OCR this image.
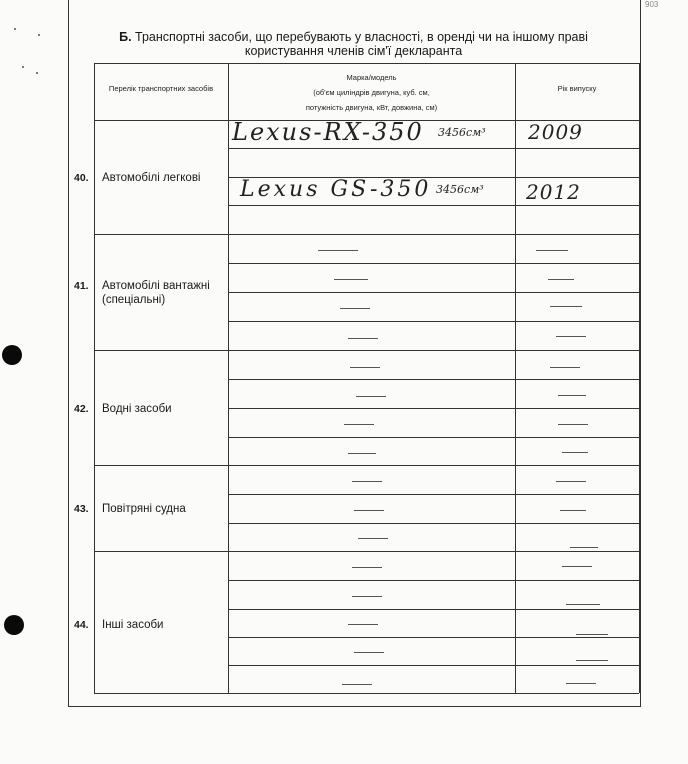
Б. Транспортні засоби, що перебувають у власності, в оренді чи на іншому праві
користування членів сім'ї декларанта
Перелік транспортних засобів
Марка/модель
(об'єм циліндрів двигуна, куб. см,
потужність двигуна, кВт, довжина, см)
Рік випуску
40. Автомобілі легкові
41. Автомобілі вантажні (спеціальні)
42. Водні засоби
43. Повітряні судна
44. Інші засоби
Lexus-RX-350 3456см³ 2009
Lexus GS-350 3456см³ 2012
903
